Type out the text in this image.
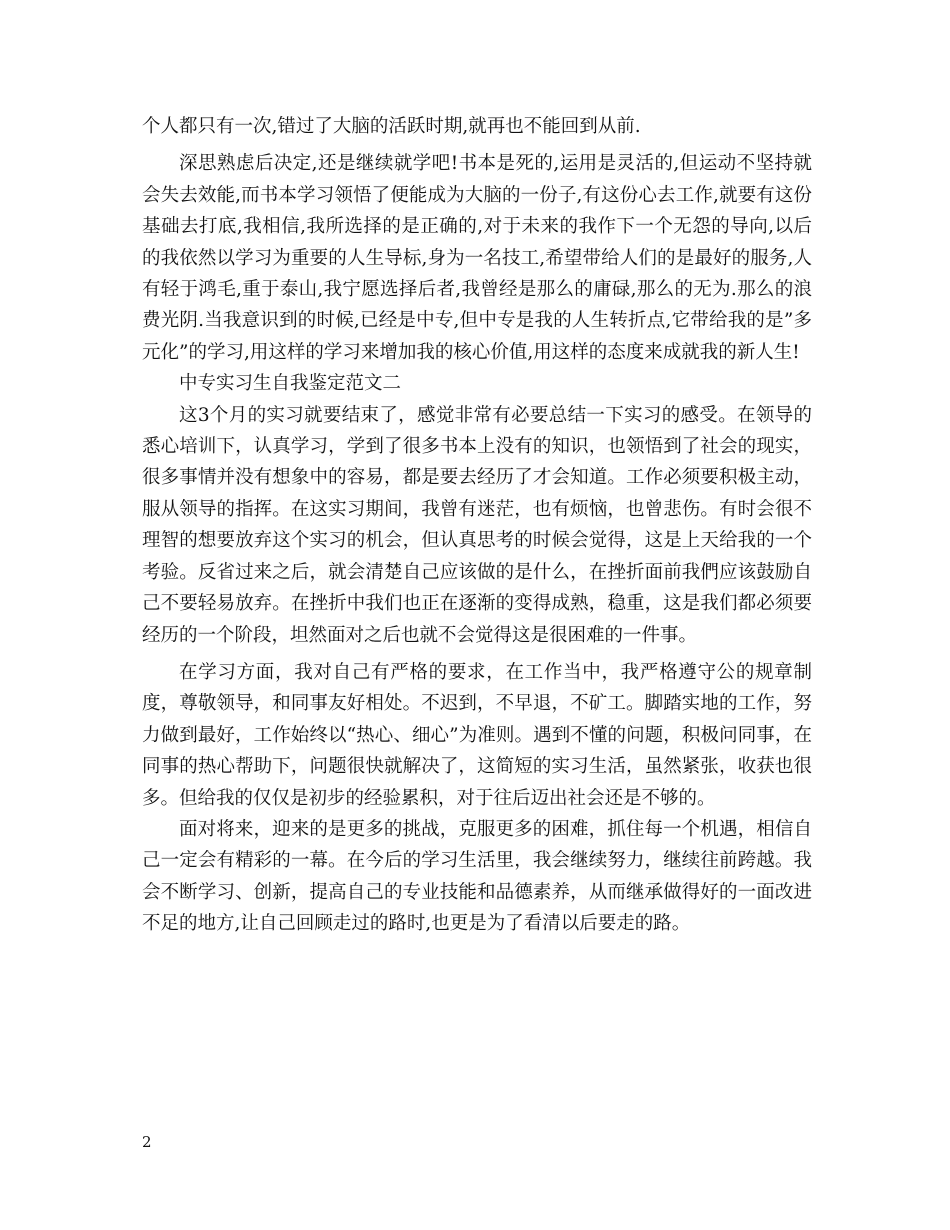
个人都只有一次,错过了大脑的活跃时期,就再也不能回到从前.

深思熟虑后决定,还是继续就学吧!书本是死的,运用是灵活的,但运动不坚持就会失去效能,而书本学习领悟了便能成为大脑的一份子,有这份心去工作,就要有这份基础去打底,我相信,我所选择的是正确的,对于未来的我作下一个无怨的导向,以后的我依然以学习为重要的人生导标,身为一名技工,希望带给人们的是最好的服务,人有轻于鸿毛,重于泰山,我宁愿选择后者,我曾经是那么的庸碌,那么的无为.那么的浪费光阴.当我意识到的时候,已经是中专,但中专是我的人生转折点,它带给我的是”多元化”的学习,用这样的学习来增加我的核心价值,用这样的态度来成就我的新人生!

中专实习生自我鉴定范文二

这3个月的实习就要结束了，感觉非常有必要总结一下实习的感受。在领导的悉心培训下，认真学习，学到了很多书本上没有的知识，也领悟到了社会的现实，很多事情并没有想象中的容易，都是要去经历了才会知道。工作必须要积极主动，服从领导的指挥。在这实习期间，我曾有迷茫，也有烦恼，也曾悲伤。有时会很不理智的想要放弃这个实习的机会，但认真思考的时候会觉得，这是上天给我的一个考验。反省过来之后，就会清楚自己应该做的是什么，在挫折面前我們应该鼓励自己不要轻易放弃。在挫折中我们也正在逐渐的变得成熟，稳重，这是我们都必须要经历的一个阶段，坦然面对之后也就不会觉得这是很困难的一件事。

在学习方面，我对自己有严格的要求，在工作当中，我严格遵守公的规章制度，尊敬领导，和同事友好相处。不迟到，不早退，不矿工。脚踏实地的工作，努力做到最好，工作始终以“热心、细心”为准则。遇到不懂的问题，积极问同事，在同事的热心帮助下，问题很快就解决了，这简短的实习生活，虽然紧张，收获也很多。但给我的仅仅是初步的经验累积，对于往后迈出社会还是不够的。

面对将来，迎来的是更多的挑战，克服更多的困难，抓住每一个机遇，相信自己一定会有精彩的一幕。在今后的学习生活里，我会继续努力，继续往前跨越。我会不断学习、创新，提高自己的专业技能和品德素养，从而继承做得好的一面改进不足的地方,让自己回顾走过的路时,也更是为了看清以后要走的路。

2
